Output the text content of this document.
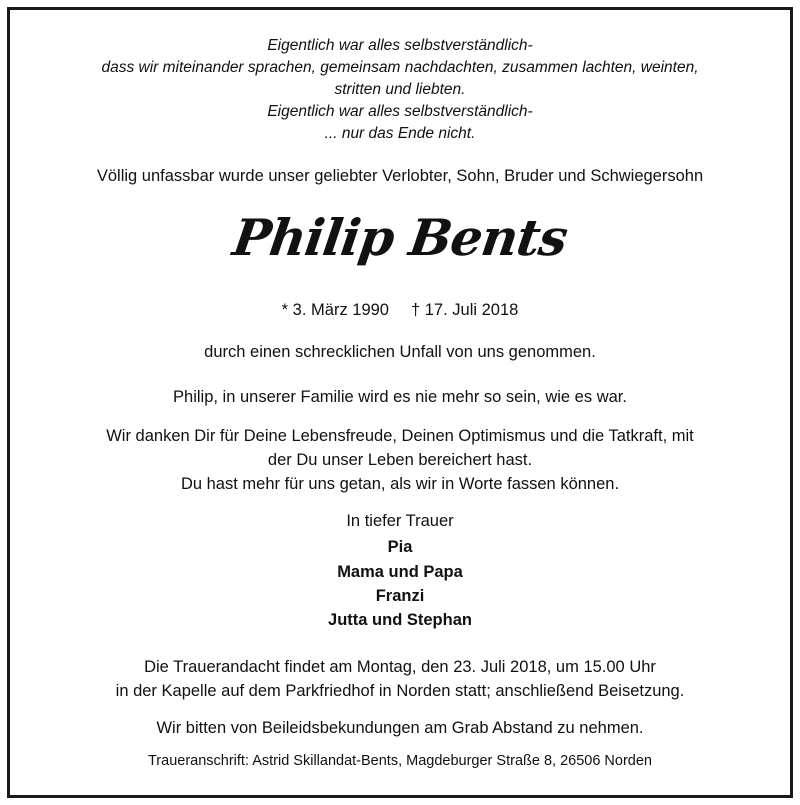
Eigentlich war alles selbstverständlich-
dass wir miteinander sprachen, gemeinsam nachdachten, zusammen lachten, weinten,
stritten und liebten.
Eigentlich war alles selbstverständlich-
... nur das Ende nicht.
Völlig unfassbar wurde unser geliebter Verlobter, Sohn, Bruder und Schwiegersohn
Philip Bents
* 3. März 1990 † 17. Juli 2018
durch einen schrecklichen Unfall von uns genommen.
Philip, in unserer Familie wird es nie mehr so sein, wie es war.
Wir danken Dir für Deine Lebensfreude, Deinen Optimismus und die Tatkraft, mit
der Du unser Leben bereichert hast.
Du hast mehr für uns getan, als wir in Worte fassen können.
In tiefer Trauer
Pia
Mama und Papa
Franzi
Jutta und Stephan
Die Trauerandacht findet am Montag, den 23. Juli 2018, um 15.00 Uhr
in der Kapelle auf dem Parkfriedhof in Norden statt; anschließend Beisetzung.
Wir bitten von Beileidsbekundungen am Grab Abstand zu nehmen.
Traueranschrift: Astrid Skillandat-Bents, Magdeburger Straße 8, 26506 Norden
